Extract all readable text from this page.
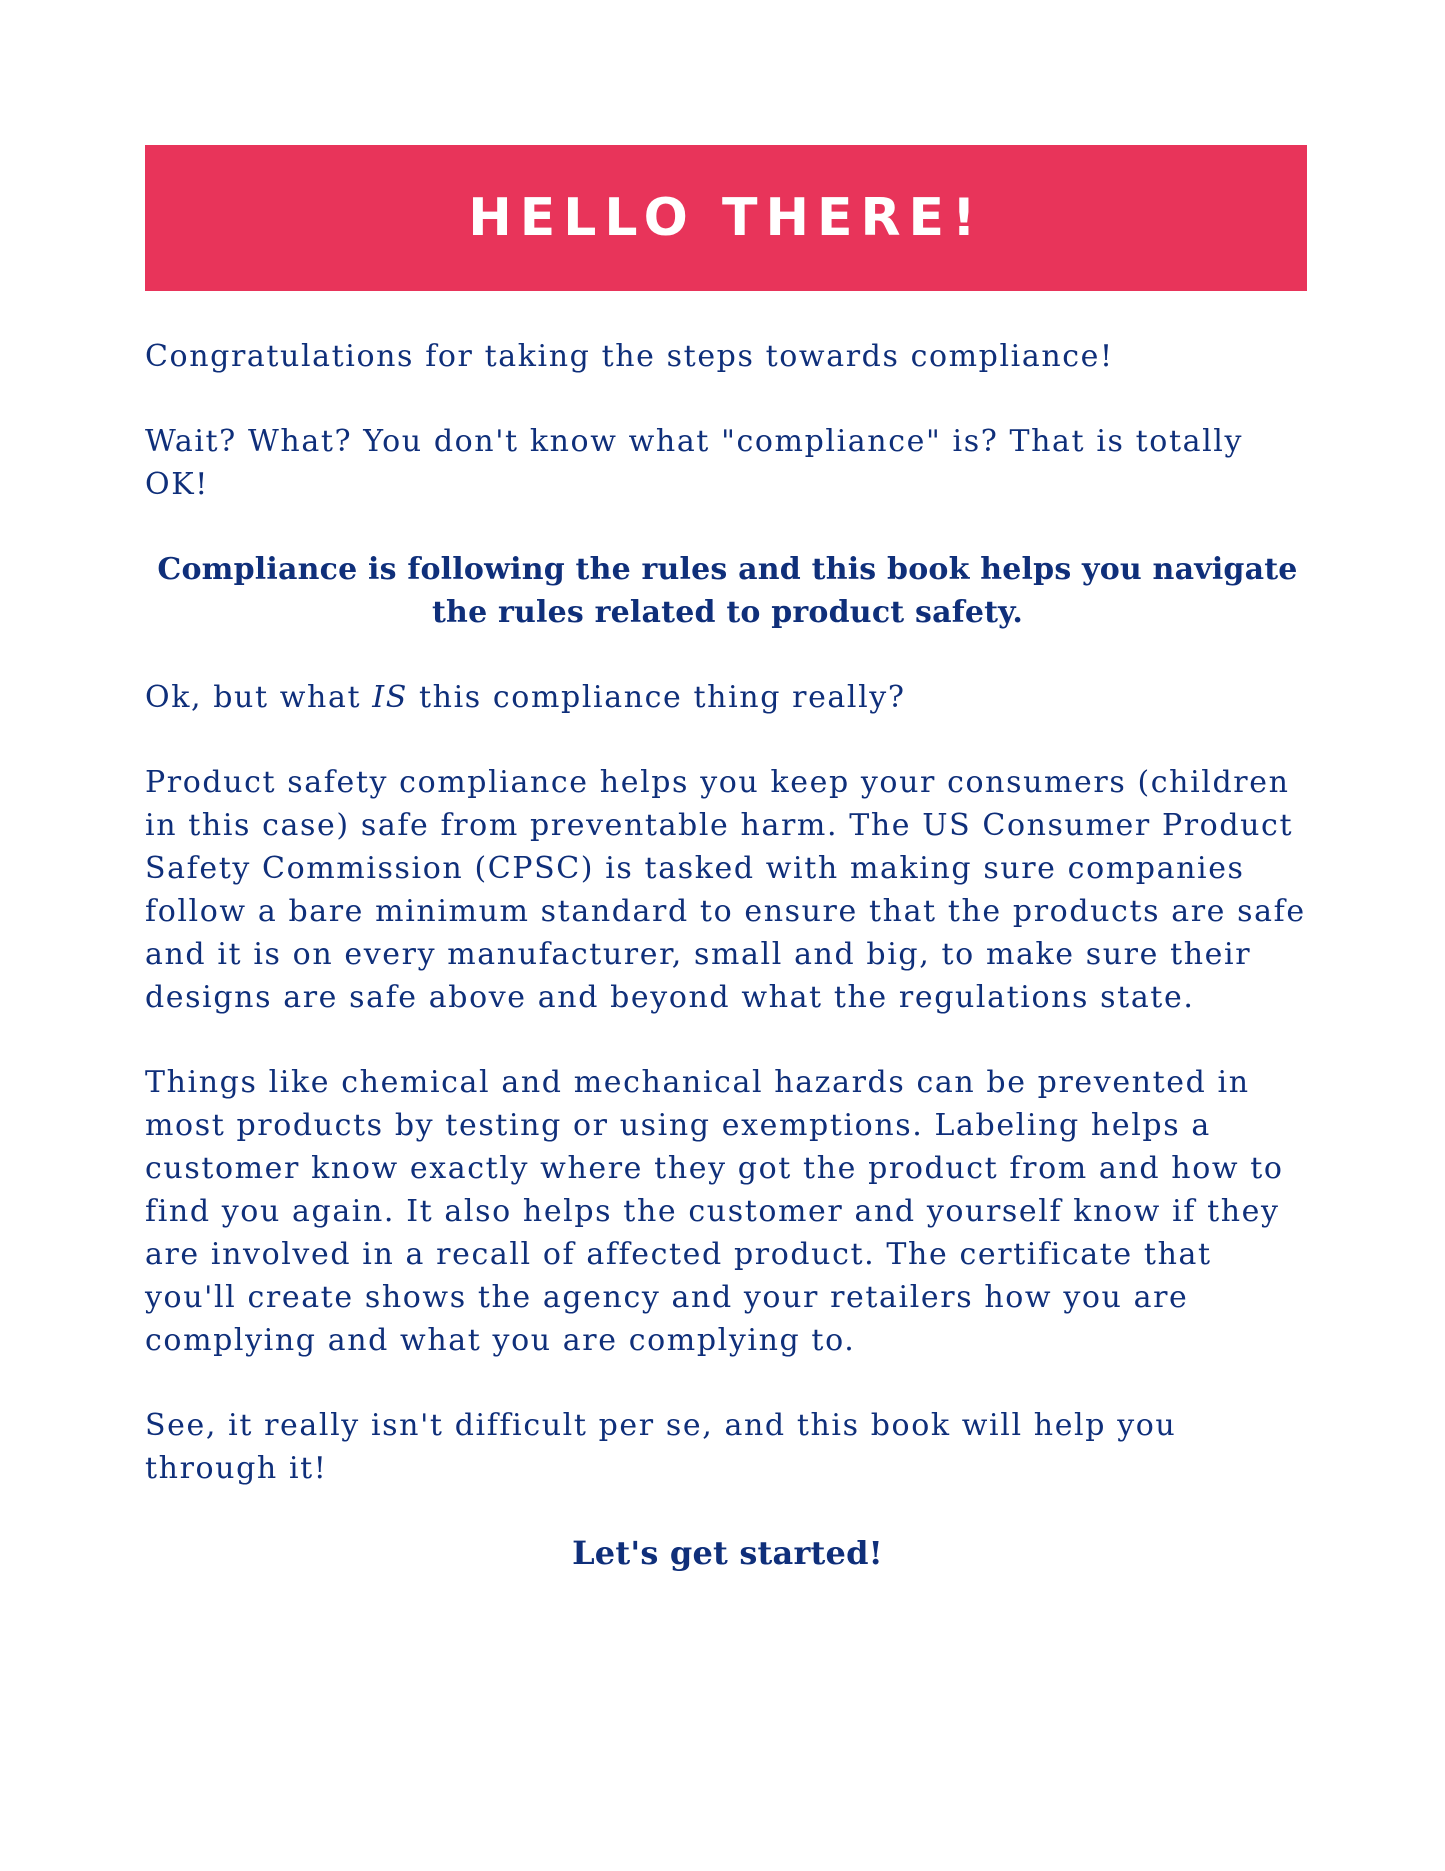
HELLO THERE!

Congratulations for taking the steps towards compliance!

Wait? What? You don't know what "compliance" is? That is totally OK!

Compliance is following the rules and this book helps you navigate the rules related to product safety.

Ok, but what IS this compliance thing really?

Product safety compliance helps you keep your consumers (children in this case) safe from preventable harm. The US Consumer Product Safety Commission (CPSC) is tasked with making sure companies follow a bare minimum standard to ensure that the products are safe and it is on every manufacturer, small and big, to make sure their designs are safe above and beyond what the regulations state.

Things like chemical and mechanical hazards can be prevented in most products by testing or using exemptions. Labeling helps a customer know exactly where they got the product from and how to find you again. It also helps the customer and yourself know if they are involved in a recall of affected product. The certificate that you'll create shows the agency and your retailers how you are complying and what you are complying to.

See, it really isn't difficult per se, and this book will help you through it!

Let's get started!
